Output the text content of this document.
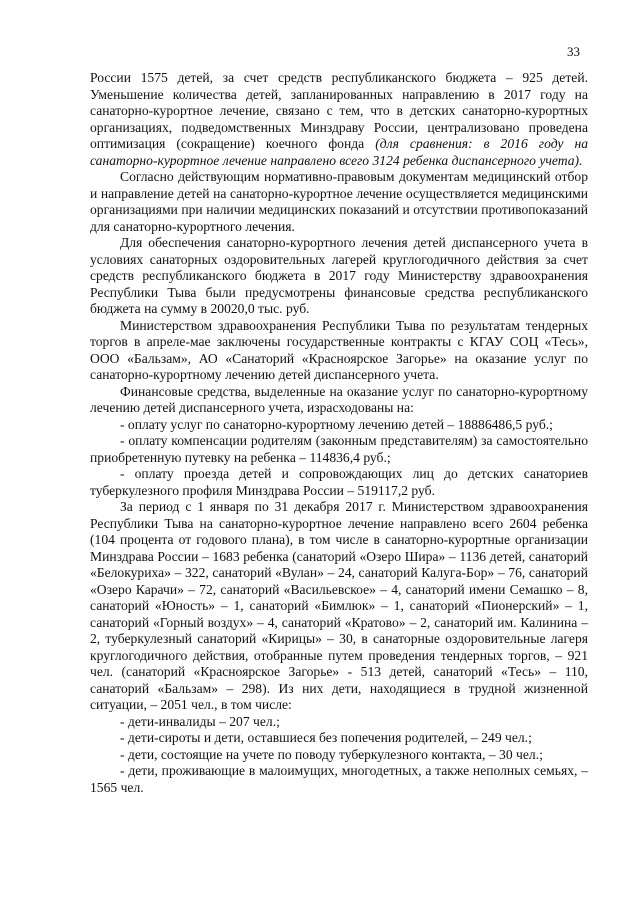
33

России 1575 детей, за счет средств республиканского бюджета – 925 детей. Уменьшение количества детей, запланированных направлению в 2017 году на санаторно-курортное лечение, связано с тем, что в детских санаторно-курортных организациях, подведомственных Минздраву России, централизовано проведена оптимизация (сокращение) коечного фонда (для сравнения: в 2016 году на санаторно-курортное лечение направлено всего 3124 ребенка диспансерного учета).

Согласно действующим нормативно-правовым документам медицинский отбор и направление детей на санаторно-курортное лечение осуществляется медицинскими организациями при наличии медицинских показаний и отсутствии противопоказаний для санаторно-курортного лечения.

Для обеспечения санаторно-курортного лечения детей диспансерного учета в условиях санаторных оздоровительных лагерей круглогодичного действия за счет средств республиканского бюджета в 2017 году Министерству здравоохранения Республики Тыва были предусмотрены финансовые средства республиканского бюджета на сумму в 20020,0 тыс. руб.

Министерством здравоохранения Республики Тыва по результатам тендерных торгов в апреле-мае заключены государственные контракты с КГАУ СОЦ «Тесь», ООО «Бальзам», АО «Санаторий «Красноярское Загорье» на оказание услуг по санаторно-курортному лечению детей диспансерного учета.

Финансовые средства, выделенные на оказание услуг по санаторно-курортному лечению детей диспансерного учета, израсходованы на:

- оплату услуг по санаторно-курортному лечению детей – 18886486,5 руб.;

- оплату компенсации родителям (законным представителям) за самостоятельно приобретенную путевку на ребенка – 114836,4 руб.;

- оплату проезда детей и сопровождающих лиц до детских санаториев туберкулезного профиля Минздрава России – 519117,2 руб.

За период с 1 января по 31 декабря 2017 г. Министерством здравоохранения Республики Тыва на санаторно-курортное лечение направлено всего 2604 ребенка (104 процента от годового плана), в том числе в санаторно-курортные организации Минздрава России – 1683 ребенка (санаторий «Озеро Шира» – 1136 детей, санаторий «Белокуриха» – 322, санаторий «Вулан» – 24, санаторий Калуга-Бор» – 76, санаторий «Озеро Карачи» – 72, санаторий «Васильевское» – 4, санаторий имени Семашко – 8, санаторий «Юность» – 1, санаторий «Бимлюк» – 1, санаторий «Пионерский» – 1, санаторий «Горный воздух» – 4, санаторий «Кратово» – 2, санаторий им. Калинина – 2, туберкулезный санаторий «Кирицы» – 30, в санаторные оздоровительные лагеря круглогодичного действия, отобранные путем проведения тендерных торгов, – 921 чел. (санаторий «Красноярское Загорье» - 513 детей, санаторий «Тесь» – 110, санаторий «Бальзам» – 298). Из них дети, находящиеся в трудной жизненной ситуации, – 2051 чел., в том числе:

- дети-инвалиды – 207 чел.;

- дети-сироты и дети, оставшиеся без попечения родителей, – 249 чел.;

- дети, состоящие на учете по поводу туберкулезного контакта, – 30 чел.;

- дети, проживающие в малоимущих, многодетных, а также неполных семьях, – 1565 чел.
